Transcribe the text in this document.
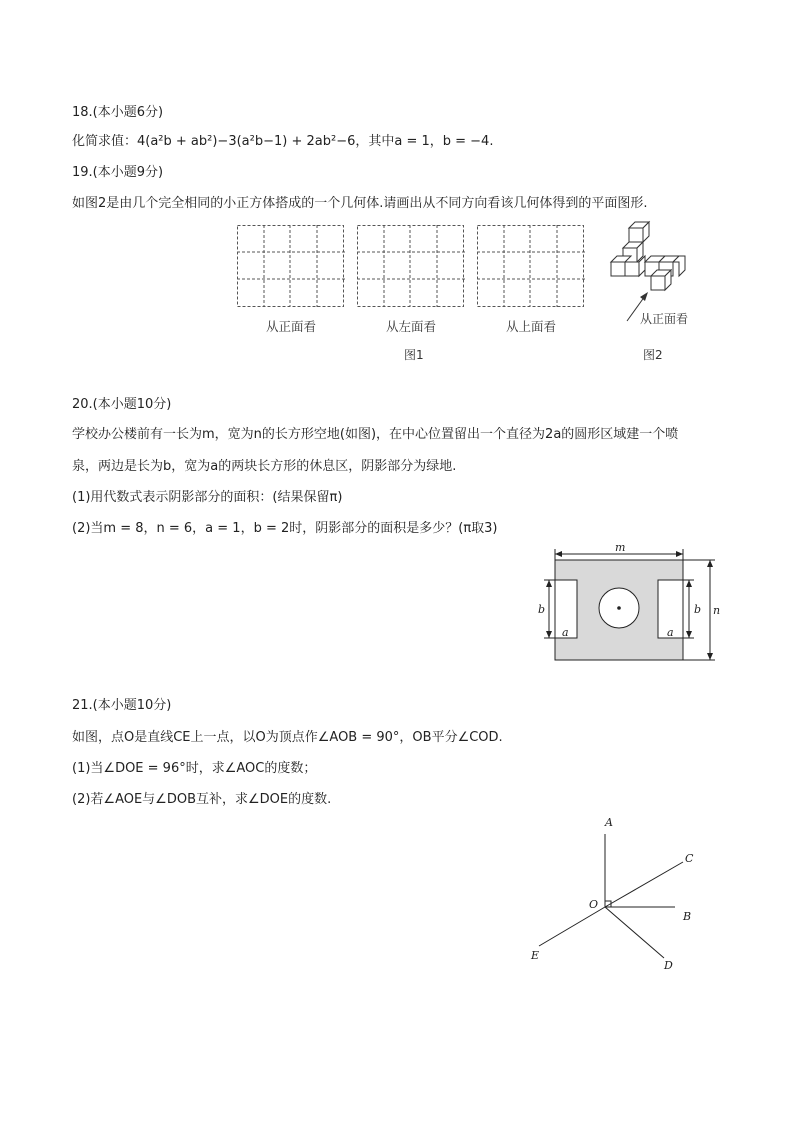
18.(本小题6分)
化简求值：4(a²b + ab²)−3(a²b−1) + 2ab²−6，其中a = 1，b = −4.
19.(本小题9分)
如图2是由几个完全相同的小正方体搭成的一个几何体.请画出从不同方向看该几何体得到的平面图形.
从正面看	从左面看	从上面看
图1
从正面看
图2
20.(本小题10分)
学校办公楼前有一长为m，宽为n的长方形空地(如图)，在中心位置留出一个直径为2a的圆形区域建一个喷
泉，两边是长为b，宽为a的两块长方形的休息区，阴影部分为绿地.
(1)用代数式表示阴影部分的面积：(结果保留π)
(2)当m = 8，n = 6，a = 1，b = 2时，阴影部分的面积是多少？(π取3)
m
b
a
b
a
n
21.(本小题10分)
如图，点O是直线CE上一点，以O为顶点作∠AOB = 90°，OB平分∠COD.
(1)当∠DOE = 96°时，求∠AOC的度数；
(2)若∠AOE与∠DOB互补，求∠DOE的度数.
A
C
B
O
E
D
